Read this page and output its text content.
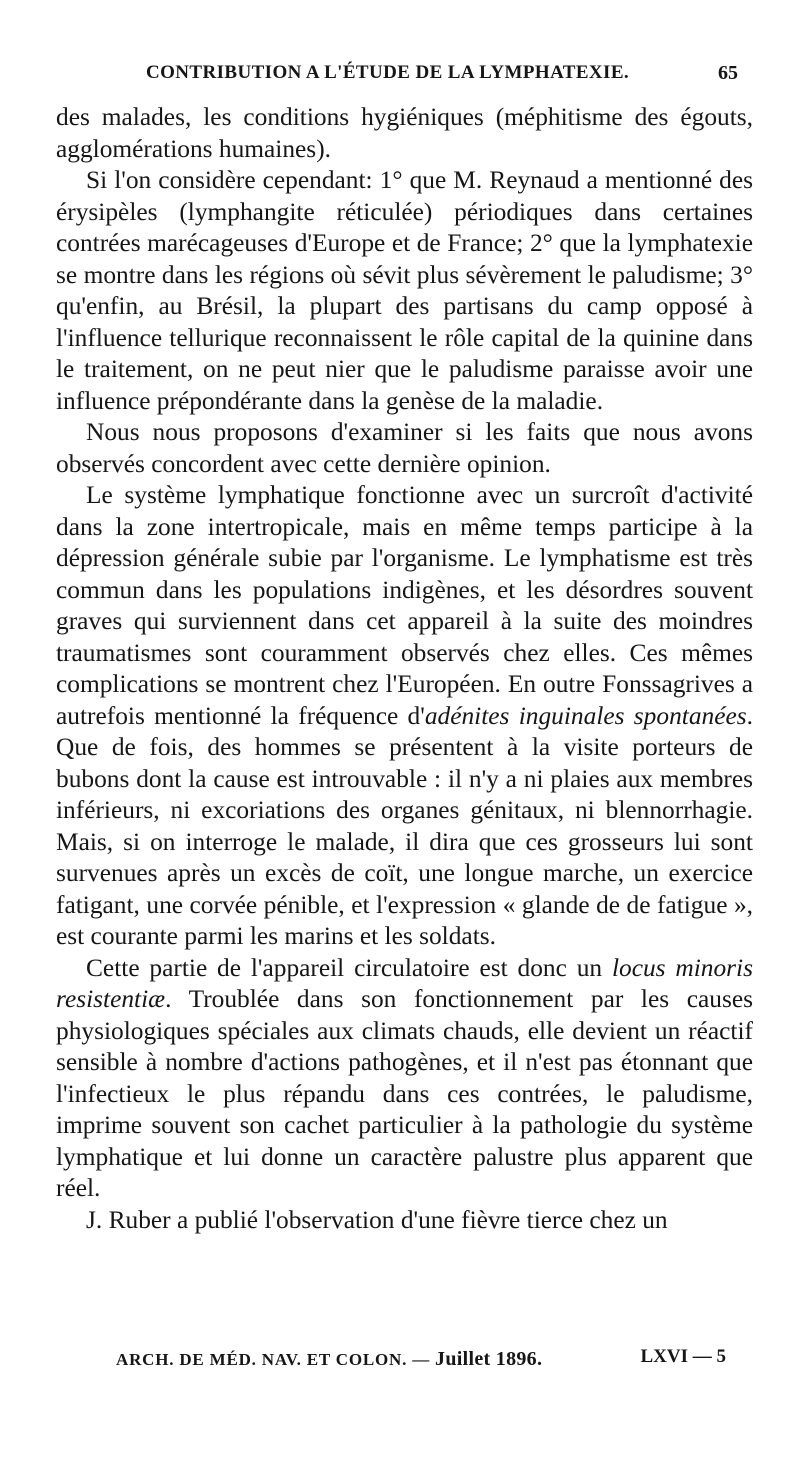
CONTRIBUTION A L'ÉTUDE DE LA LYMPHATEXIE.	65

des malades, les conditions hygiéniques (méphitisme des égouts, agglomérations humaines).

Si l'on considère cependant: 1° que M. Reynaud a mentionné des érysipèles (lymphangite réticulée) périodiques dans certaines contrées marécageuses d'Europe et de France; 2° que la lymphatexie se montre dans les régions où sévit plus sévèrement le paludisme; 3° qu'enfin, au Brésil, la plupart des partisans du camp opposé à l'influence tellurique reconnaissent le rôle capital de la quinine dans le traitement, on ne peut nier que le paludisme paraisse avoir une influence prépondérante dans la genèse de la maladie.

Nous nous proposons d'examiner si les faits que nous avons observés concordent avec cette dernière opinion.

Le système lymphatique fonctionne avec un surcroît d'activité dans la zone intertropicale, mais en même temps participe à la dépression générale subie par l'organisme. Le lymphatisme est très commun dans les populations indigènes, et les désordres souvent graves qui surviennent dans cet appareil à la suite des moindres traumatismes sont couramment observés chez elles. Ces mêmes complications se montrent chez l'Européen. En outre Fonssagrives a autrefois mentionné la fréquence d'adénites inguinales spontanées. Que de fois, des hommes se présentent à la visite porteurs de bubons dont la cause est introuvable : il n'y a ni plaies aux membres inférieurs, ni excoriations des organes génitaux, ni blennorrhagie. Mais, si on interroge le malade, il dira que ces grosseurs lui sont survenues après un excès de coït, une longue marche, un exercice fatigant, une corvée pénible, et l'expression « glande de de fatigue », est courante parmi les marins et les soldats.

Cette partie de l'appareil circulatoire est donc un locus minoris resistentiæ. Troublée dans son fonctionnement par les causes physiologiques spéciales aux climats chauds, elle devient un réactif sensible à nombre d'actions pathogènes, et il n'est pas étonnant que l'infectieux le plus répandu dans ces contrées, le paludisme, imprime souvent son cachet particulier à la pathologie du système lymphatique et lui donne un caractère palustre plus apparent que réel.

J. Ruber a publié l'observation d'une fièvre tierce chez un

ARCH. DE MÉD. NAV. ET COLON. — Juillet 1896.	LXVI — 5
